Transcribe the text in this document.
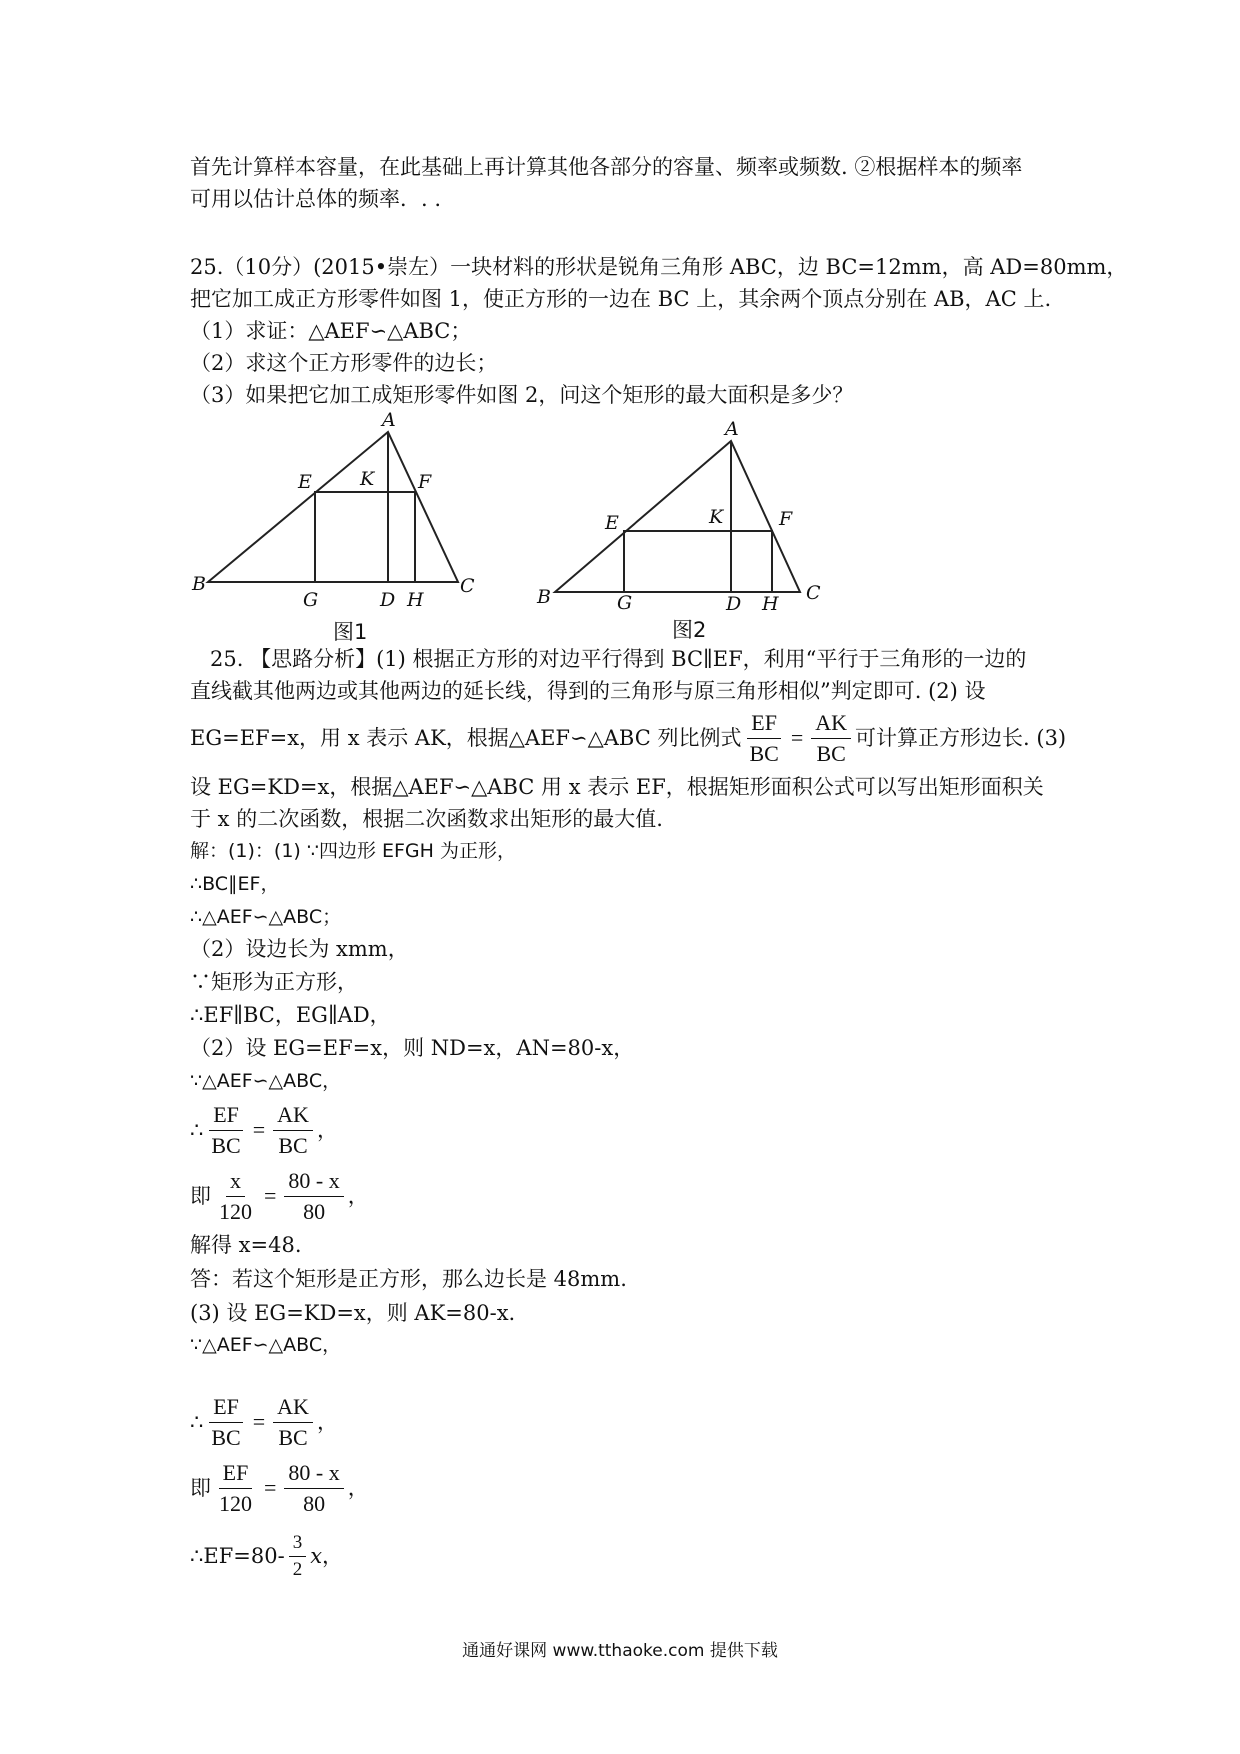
首先计算样本容量，在此基础上再计算其他各部分的容量、频率或频数. ②根据样本的频率
可用以估计总体的频率．. .
25.（10分）(2015•崇左）一块材料的形状是锐角三角形 ABC，边 BC=12mm，高 AD=80mm，
把它加工成正方形零件如图 1，使正方形的一边在 BC 上，其余两个顶点分别在 AB，AC 上.
（1）求证：△AEF∽△ABC；
（2）求这个正方形零件的边长；
（3）如果把它加工成矩形零件如图 2，问这个矩形的最大面积是多少？
A
B	C
D
E	F
G	H
K
A
B	C
D
E	F
G	H
K
图1	图2
25. 【思路分析】(1) 根据正方形的对边平行得到 BC∥EF，利用“平行于三角形的一边的
直线截其他两边或其他两边的延长线，得到的三角形与原三角形相似”判定即可. (2) 设
EG=EF=x，用 x 表示 AK，根据△AEF∽△ABC 列比例式 $\frac{EF}{BC} = \frac{AK}{BC}$ 可计算正方形边长. (3)
设 EG=KD=x，根据△AEF∽△ABC 用 x 表示 EF，根据矩形面积公式可以写出矩形面积关
于 x 的二次函数，根据二次函数求出矩形的最大值.
解：(1)：(1) ∵四边形 EFGH 为正形，
∴BC∥EF，
∴△AEF∽△ABC；
（2）设边长为 xmm，
∵矩形为正方形，
∴EF∥BC，EG∥AD，
（2）设 EG=EF=x，则 ND=x，AN=80-x，
∵△AEF∽△ABC，
∴ $\frac{EF}{BC} = \frac{AK}{BC}$ ，
即 $\frac{x}{120} = \frac{80 - x}{80}$ ，
解得 x=48.
答：若这个矩形是正方形，那么边长是 48mm.
(3) 设 EG=KD=x，则 AK=80-x.
∵△AEF∽△ABC，
∴ $\frac{EF}{BC} = \frac{AK}{BC}$ ，
即 $\frac{EF}{120} = \frac{80 - x}{80}$ ，
∴EF=80- $\frac{3}{2}$ x ，
通通好课网 www.tthaoke.com 提供下载
